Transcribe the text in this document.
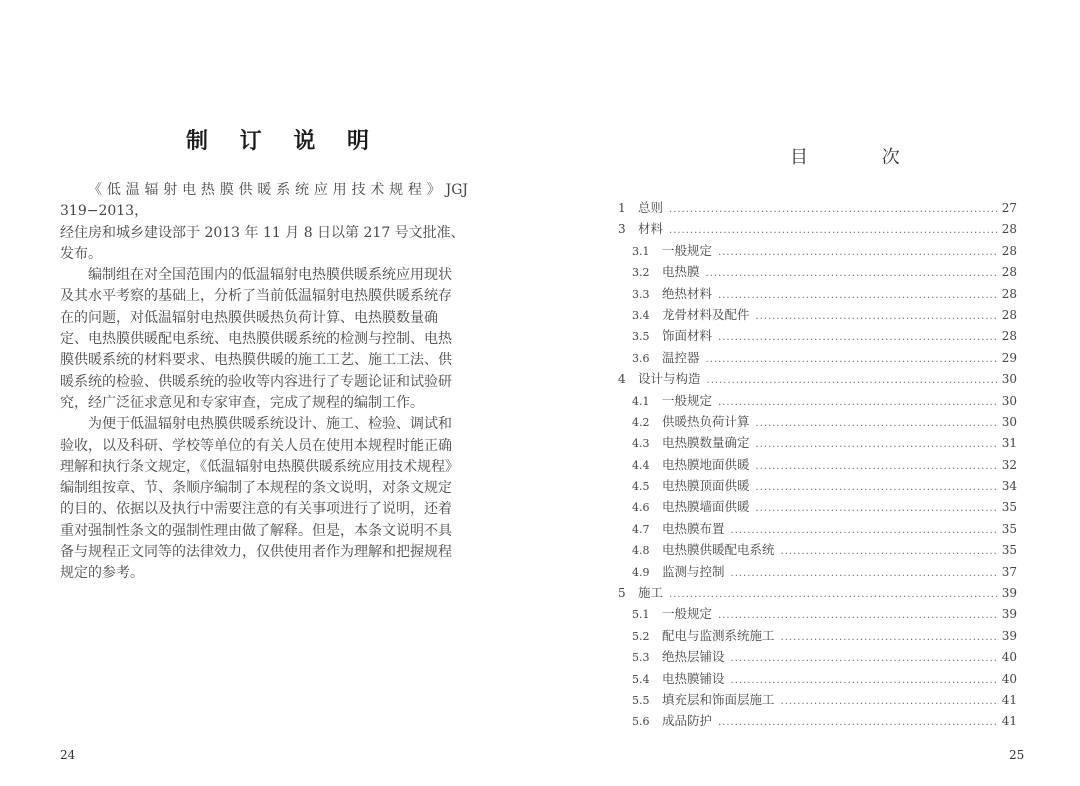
制 订 说 明

《低温辐射电热膜供暖系统应用技术规程》JGJ 319−2013，
经住房和城乡建设部于 2013 年 11 月 8 日以第 217 号文批准、
发布。

编制组在对全国范围内的低温辐射电热膜供暖系统应用现状
及其水平考察的基础上，分析了当前低温辐射电热膜供暖系统存
在的问题，对低温辐射电热膜供暖热负荷计算、电热膜数量确
定、电热膜供暖配电系统、电热膜供暖系统的检测与控制、电热
膜供暖系统的材料要求、电热膜供暖的施工工艺、施工工法、供
暖系统的检验、供暖系统的验收等内容进行了专题论证和试验研
究，经广泛征求意见和专家审查，完成了规程的编制工作。

为便于低温辐射电热膜供暖系统设计、施工、检验、调试和
验收，以及科研、学校等单位的有关人员在使用本规程时能正确
理解和执行条文规定，《低温辐射电热膜供暖系统应用技术规程》
编制组按章、节、条顺序编制了本规程的条文说明，对条文规定
的目的、依据以及执行中需要注意的有关事项进行了说明，还着
重对强制性条文的强制性理由做了解释。但是，本条文说明不具
备与规程正文同等的法律效力，仅供使用者作为理解和把握规程
规定的参考。

24
目 次
1 总则 .....	27
3 材料 .....	28
3.1	一般规定 .....	28
3.2	电热膜 .....	28
3.3	绝热材料 .....	28
3.4	龙骨材料及配件 .....	28
3.5	饰面材料 .....	28
3.6	温控器 .....	29
4 设计与构造 .....	30
4.1	一般规定 .....	30
4.2	供暖热负荷计算 .....	30
4.3	电热膜数量确定 .....	31
4.4	电热膜地面供暖 .....	32
4.5	电热膜顶面供暖 .....	34
4.6	电热膜墙面供暖 .....	35
4.7	电热膜布置 .....	35
4.8	电热膜供暖配电系统 .....	35
4.9	监测与控制 .....	37
5 施工 .....	39
5.1	一般规定 .....	39
5.2	配电与监测系统施工 .....	39
5.3	绝热层铺设 .....	40
5.4	电热膜铺设 .....	40
5.5	填充层和饰面层施工 .....	41
5.6	成品防护 .....	41
25
